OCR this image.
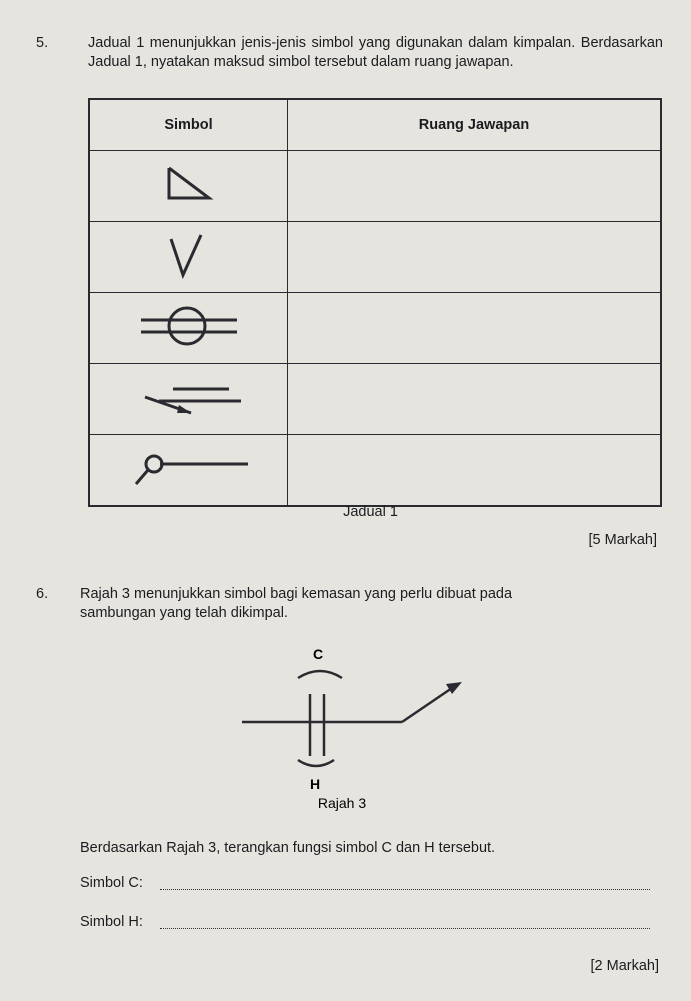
5.	Jadual 1 menunjukkan jenis-jenis simbol yang digunakan dalam kimpalan. Berdasarkan Jadual 1, nyatakan maksud simbol tersebut dalam ruang jawapan.
Simbol	Ruang Jawapan

Jadual 1
[5 Markah]
6. Rajah 3 menunjukkan simbol bagi kemasan yang perlu dibuat pada sambungan yang telah dikimpal.
C
H
Rajah 3
Berdasarkan Rajah 3, terangkan fungsi simbol C dan H tersebut.
Simbol C:
Simbol H:
[2 Markah]
